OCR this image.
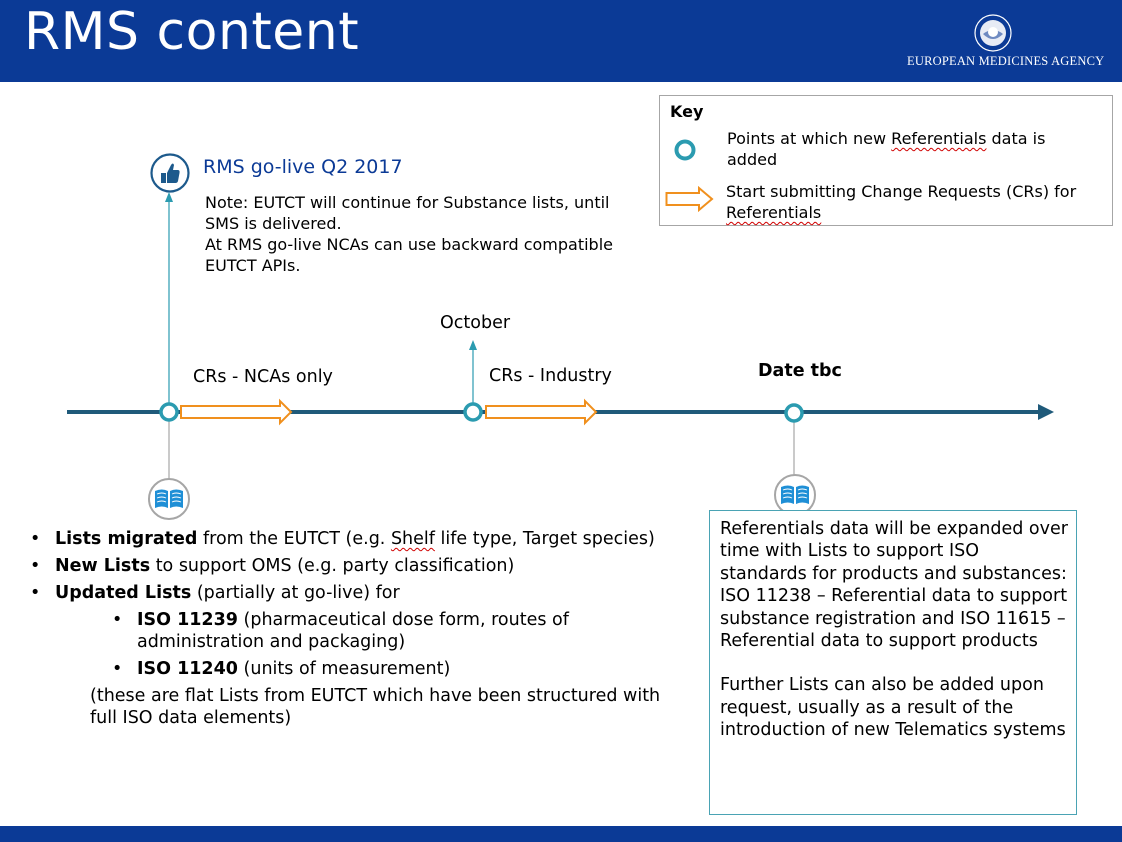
RMS content	EUROPEAN MEDICINES AGENCY
Key
Points at which new Referentials data is added
Start submitting Change Requests (CRs) for Referentials
RMS go-live Q2 2017
Note: EUTCT will continue for Substance lists, until SMS is delivered.
At RMS go-live NCAs can use backward compatible EUTCT APIs.
CRs - NCAs only
October
CRs - Industry	Date tbc
• Lists migrated from the EUTCT (e.g. Shelf life type, Target species)
• New Lists to support OMS (e.g. party classification)
• Updated Lists (partially at go-live) for
• ISO 11239 (pharmaceutical dose form, routes of administration and packaging)
• ISO 11240 (units of measurement)
(these are flat Lists from EUTCT which have been structured with full ISO data elements)

Referentials data will be expanded over time with Lists to support ISO standards for products and substances: ISO 11238 – Referential data to support substance registration and ISO 11615 – Referential data to support products

Further Lists can also be added upon request, usually as a result of the introduction of new Telematics systems
